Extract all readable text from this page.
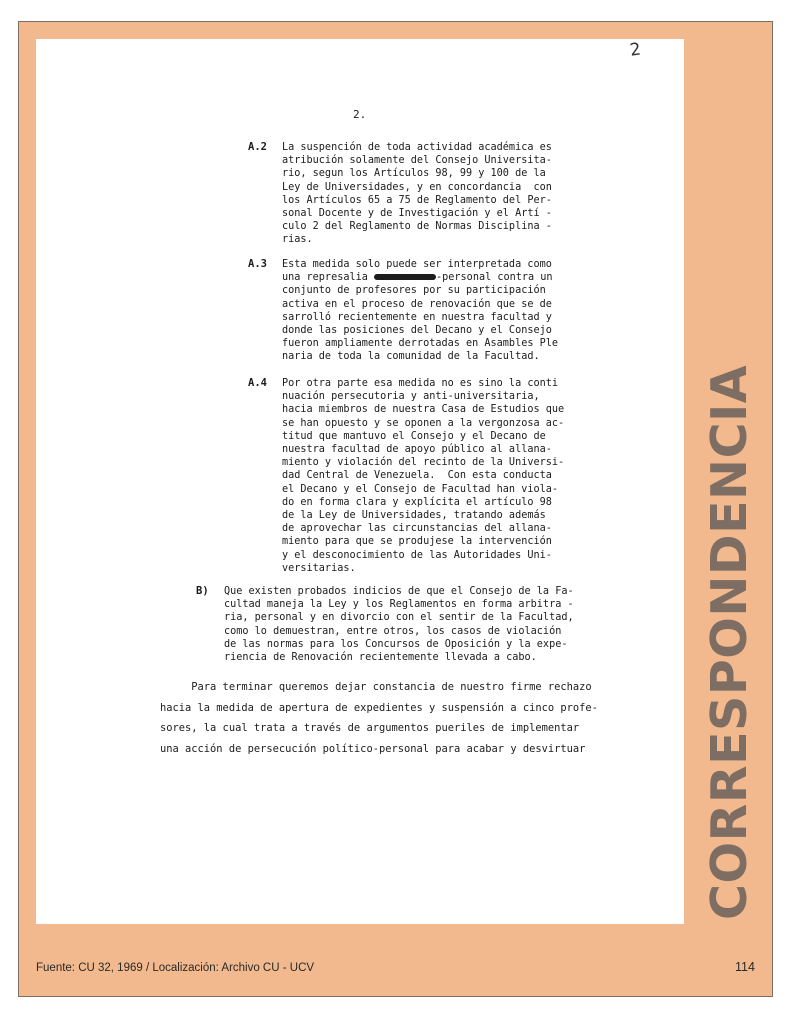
2
2.
A.2 La suspención de toda actividad académica es
atribución solamente del Consejo Universita-
rio, segun los Artículos 98, 99 y 100 de la
Ley de Universidades, y en concordancia  con
los Artículos 65 a 75 de Reglamento del Per-
sonal Docente y de Investigación y el Artí -
culo 2 del Reglamento de Normas Disciplina -
rias.
A.3 Esta medida solo puede ser interpretada como
una represalia	-personal contra un
conjunto de profesores por su participación
activa en el proceso de renovación que se de
sarrolló recientemente en nuestra facultad y
donde las posiciones del Decano y el Consejo
fueron ampliamente derrotadas en Asambles Ple
naria de toda la comunidad de la Facultad.
A.4 Por otra parte esa medida no es sino la conti
nuación persecutoria y anti-universitaria,
hacia miembros de nuestra Casa de Estudios que
se han opuesto y se oponen a la vergonzosa ac-
titud que mantuvo el Consejo y el Decano de
nuestra facultad de apoyo público al allana-
miento y violación del recinto de la Universi-
dad Central de Venezuela.  Con esta conducta
el Decano y el Consejo de Facultad han viola-
do en forma clara y explícita el artículo 98
de la Ley de Universidades, tratando además
de aprovechar las circunstancias del allana-
miento para que se produjese la intervención
y el desconocimiento de las Autoridades Uni-
versitarias.
B) Que existen probados indicios de que el Consejo de la Fa-
cultad maneja la Ley y los Reglamentos en forma arbitra -
ria, personal y en divorcio con el sentir de la Facultad,
como lo demuestran, entre otros, los casos de violación
de las normas para los Concursos de Oposición y la expe-
riencia de Renovación recientemente llevada a cabo.
Para terminar queremos dejar constancia de nuestro firme rechazo
hacia la medida de apertura de expedientes y suspensión a cinco profe-
sores, la cual trata a través de argumentos pueriles de implementar
una acción de persecución político-personal para acabar y desvirtuar CORRESPONDENCIA
Fuente: CU 32, 1969 / Localización: Archivo CU - UCV	114
